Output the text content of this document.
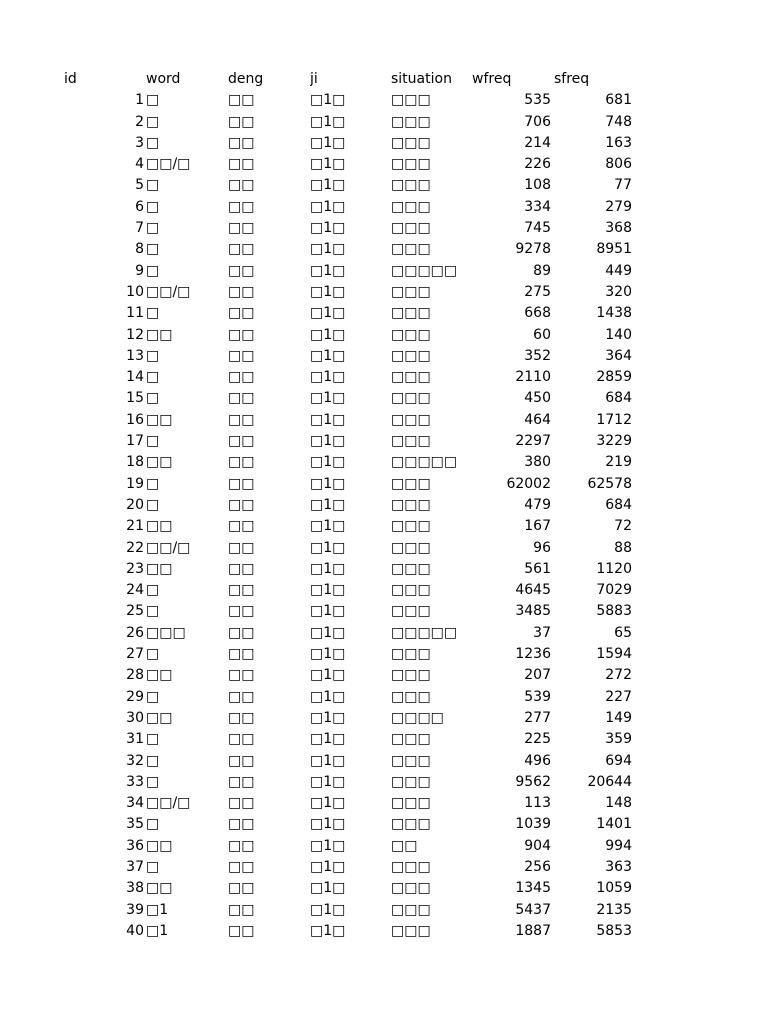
id	word	deng	ji	situation	wfreq	sfreq
1 □	□□	□1□	□□□	535	681
2 □	□□	□1□	□□□	706	748
3 □	□□	□1□	□□□	214	163
4 □□/□	□□	□1□	□□□	226	806
5 □	□□	□1□	□□□	108	77
6 □	□□	□1□	□□□	334	279
7 □	□□	□1□	□□□	745	368
8 □	□□	□1□	□□□	9278	8951
9 □	□□	□1□	□□□□□	89	449
10 □□/□	□□	□1□	□□□	275	320
11 □	□□	□1□	□□□	668	1438
12 □□	□□	□1□	□□□	60	140
13 □	□□	□1□	□□□	352	364
14 □	□□	□1□	□□□	2110	2859
15 □	□□	□1□	□□□	450	684
16 □□	□□	□1□	□□□	464	1712
17 □	□□	□1□	□□□	2297	3229
18 □□	□□	□1□	□□□□□	380	219
19 □	□□	□1□	□□□	62002	62578
20 □	□□	□1□	□□□	479	684
21 □□	□□	□1□	□□□	167	72
22 □□/□	□□	□1□	□□□	96	88
23 □□	□□	□1□	□□□	561	1120
24 □	□□	□1□	□□□	4645	7029
25 □	□□	□1□	□□□	3485	5883
26 □□□	□□	□1□	□□□□□	37	65
27 □	□□	□1□	□□□	1236	1594
28 □□	□□	□1□	□□□	207	272
29 □	□□	□1□	□□□	539	227
30 □□	□□	□1□	□□□□	277	149
31 □	□□	□1□	□□□	225	359
32 □	□□	□1□	□□□	496	694
33 □	□□	□1□	□□□	9562	20644
34 □□/□	□□	□1□	□□□	113	148
35 □	□□	□1□	□□□	1039	1401
36 □□	□□	□1□	□□	904	994
37 □	□□	□1□	□□□	256	363
38 □□	□□	□1□	□□□	1345	1059
39 □1	□□	□1□	□□□	5437	2135
40 □1	□□	□1□	□□□	1887	5853
